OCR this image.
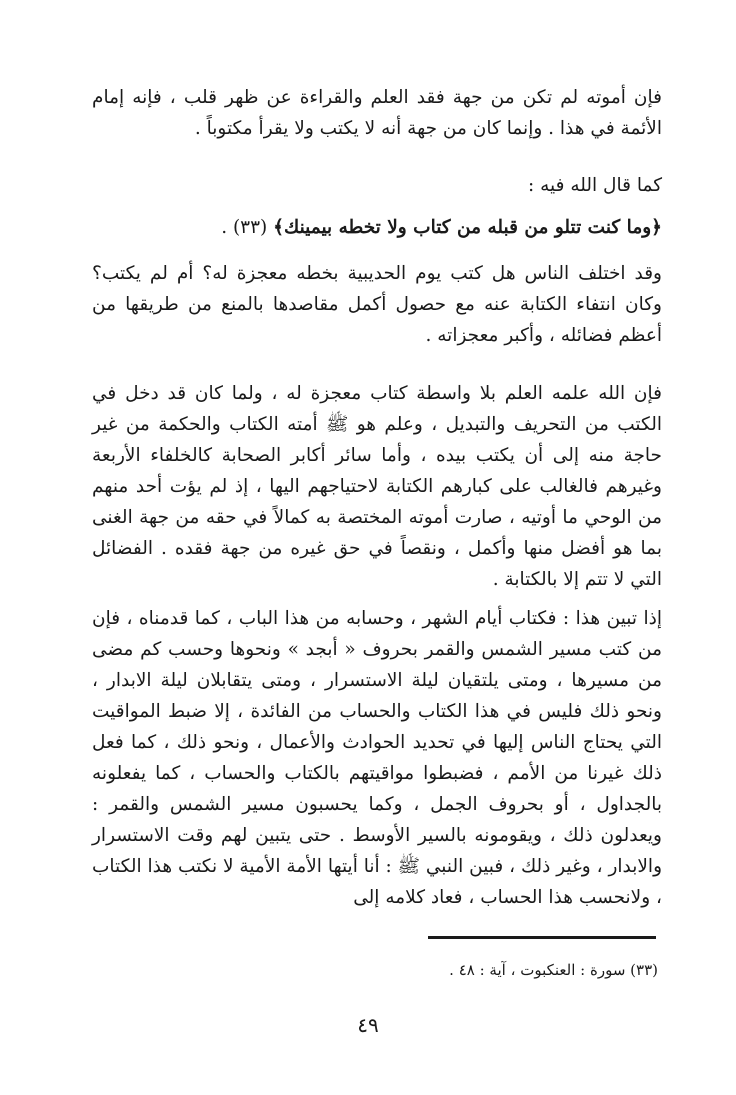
فإن أموته لم تكن من جهة فقد العلم والقراءة عن ظهر قلب ، فإنه إمام الأئمة في هذا . وإنما كان من جهة أنه لا يكتب ولا يقرأ مكتوباً .

كما قال الله فيه :

﴿وما كنت تتلو من قبله من كتاب ولا تخطه بيمينك﴾ (٣٣) .

وقد اختلف الناس هل كتب يوم الحديبية بخطه معجزة له؟ أم لم يكتب؟ وكان انتفاء الكتابة عنه مع حصول أكمل مقاصدها بالمنع من طريقها من أعظم فضائله ، وأكبر معجزاته .

فإن الله علمه العلم بلا واسطة كتاب معجزة له ، ولما كان قد دخل في الكتب من التحريف والتبديل ، وعلم هو ﷺ أمته الكتاب والحكمة من غير حاجة منه إلى أن يكتب بيده ، وأما سائر أكابر الصحابة كالخلفاء الأربعة وغيرهم فالغالب على كبارهم الكتابة لاحتياجهم اليها ، إذ لم يؤت أحد منهم من الوحي ما أوتيه ، صارت أموته المختصة به كمالاً في حقه من جهة الغنى بما هو أفضل منها وأكمل ، ونقصاً في حق غيره من جهة فقده . الفضائل التي لا تتم إلا بالكتابة .

إذا تبين هذا : فكتاب أيام الشهر ، وحسابه من هذا الباب ، كما قدمناه ، فإن من كتب مسير الشمس والقمر بحروف « أبجد » ونحوها وحسب كم مضى من مسيرها ، ومتى يلتقيان ليلة الاستسرار ، ومتى يتقابلان ليلة الابدار ، ونحو ذلك فليس في هذا الكتاب والحساب من الفائدة ، إلا ضبط المواقيت التي يحتاج الناس إليها في تحديد الحوادث والأعمال ، ونحو ذلك ، كما فعل ذلك غيرنا من الأمم ، فضبطوا مواقيتهم بالكتاب والحساب ، كما يفعلونه بالجداول ، أو بحروف الجمل ، وكما يحسبون مسير الشمس والقمر : ويعدلون ذلك ، ويقومونه بالسير الأوسط . حتى يتبين لهم وقت الاستسرار والابدار ، وغير ذلك ، فبين النبي ﷺ : أنا أيتها الأمة الأمية لا نكتب هذا الكتاب ، ولانحسب هذا الحساب ، فعاد كلامه إلى

(٣٣) سورة : العنكبوت ، آية : ٤٨ .

٤٩
